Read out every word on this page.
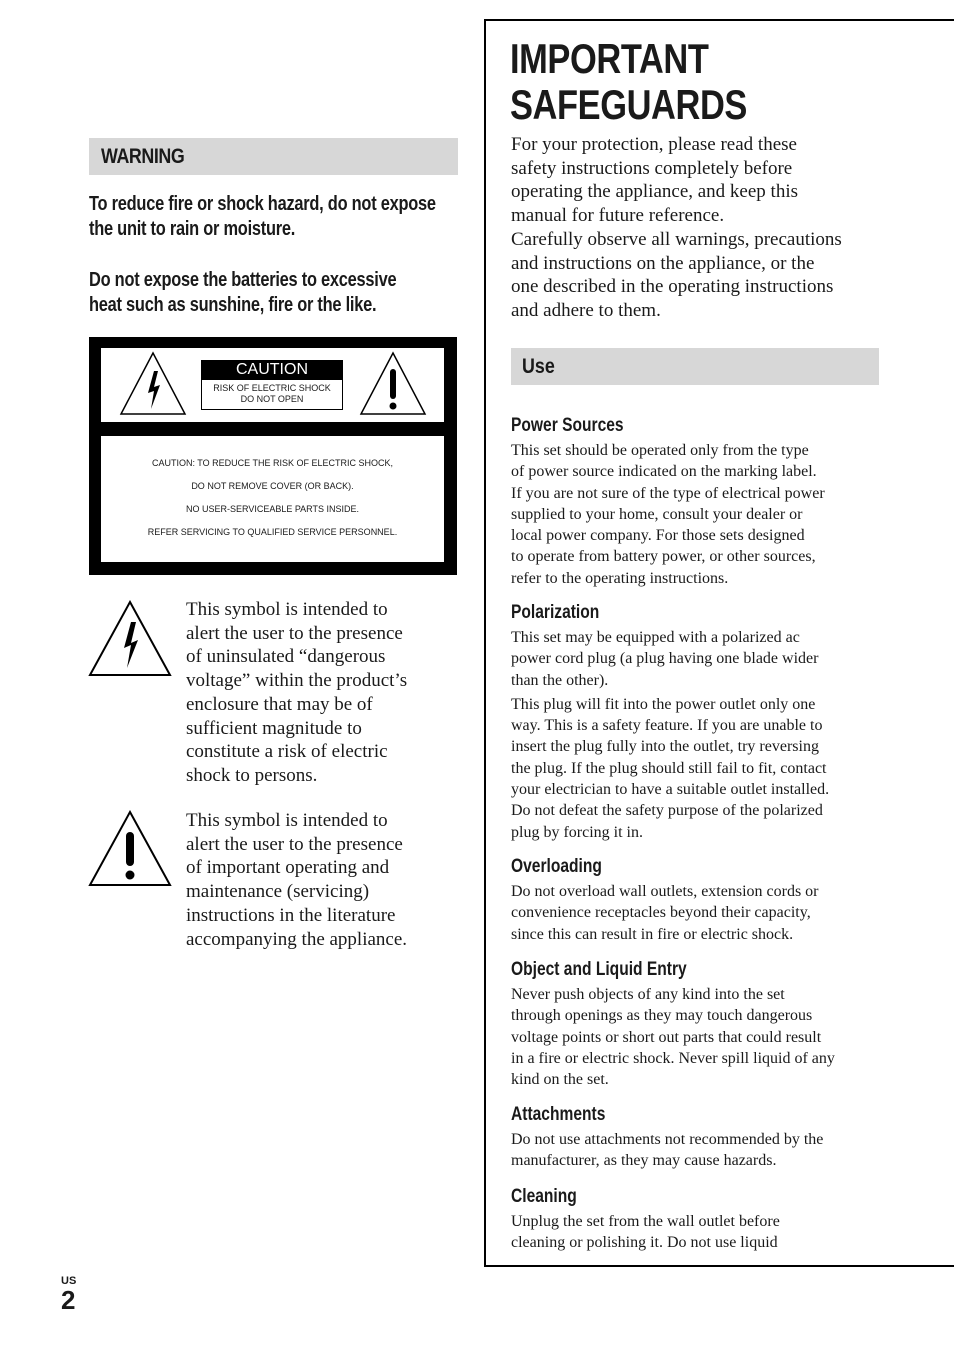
WARNING
To reduce fire or shock hazard, do not expose
the unit to rain or moisture.
Do not expose the batteries to excessive
heat such as sunshine, fire or the like.
CAUTION
RISK OF ELECTRIC SHOCK
DO NOT OPEN
CAUTION: TO REDUCE THE RISK OF ELECTRIC SHOCK,
DO NOT REMOVE COVER (OR BACK).
NO USER-SERVICEABLE PARTS INSIDE.
REFER SERVICING TO QUALIFIED SERVICE PERSONNEL.

This symbol is intended to

alert the user to the presence

of uninsulated “dangerous

voltage” within the product’s

enclosure that may be of

sufficient magnitude to

constitute a risk of electric

shock to persons.

This symbol is intended to

alert the user to the presence

of important operating and

maintenance (servicing)

instructions in the literature

accompanying the appliance.

IMPORTANT
SAFEGUARDS

For your protection, please read these

safety instructions completely before

operating the appliance, and keep this

manual for future reference.

Carefully observe all warnings, precautions

and instructions on the appliance, or the

one described in the operating instructions

and adhere to them.

Use
Power Sources

This set should be operated only from the type

of power source indicated on the marking label.

If you are not sure of the type of electrical power

supplied to your home, consult your dealer or

local power company. For those sets designed

to operate from battery power, or other sources,

refer to the operating instructions.

Polarization

This set may be equipped with a polarized ac

power cord plug (a plug having one blade wider

than the other).

This plug will fit into the power outlet only one

way. This is a safety feature. If you are unable to

insert the plug fully into the outlet, try reversing

the plug. If the plug should still fail to fit, contact

your electrician to have a suitable outlet installed.

Do not defeat the safety purpose of the polarized

plug by forcing it in.

Overloading

Do not overload wall outlets, extension cords or

convenience receptacles beyond their capacity,

since this can result in fire or electric shock.

Object and Liquid Entry

Never push objects of any kind into the set

through openings as they may touch dangerous

voltage points or short out parts that could result

in a fire or electric shock. Never spill liquid of any

kind on the set.

Attachments

Do not use attachments not recommended by the

manufacturer, as they may cause hazards.

Cleaning

Unplug the set from the wall outlet before

cleaning or polishing it. Do not use liquid

US
2
